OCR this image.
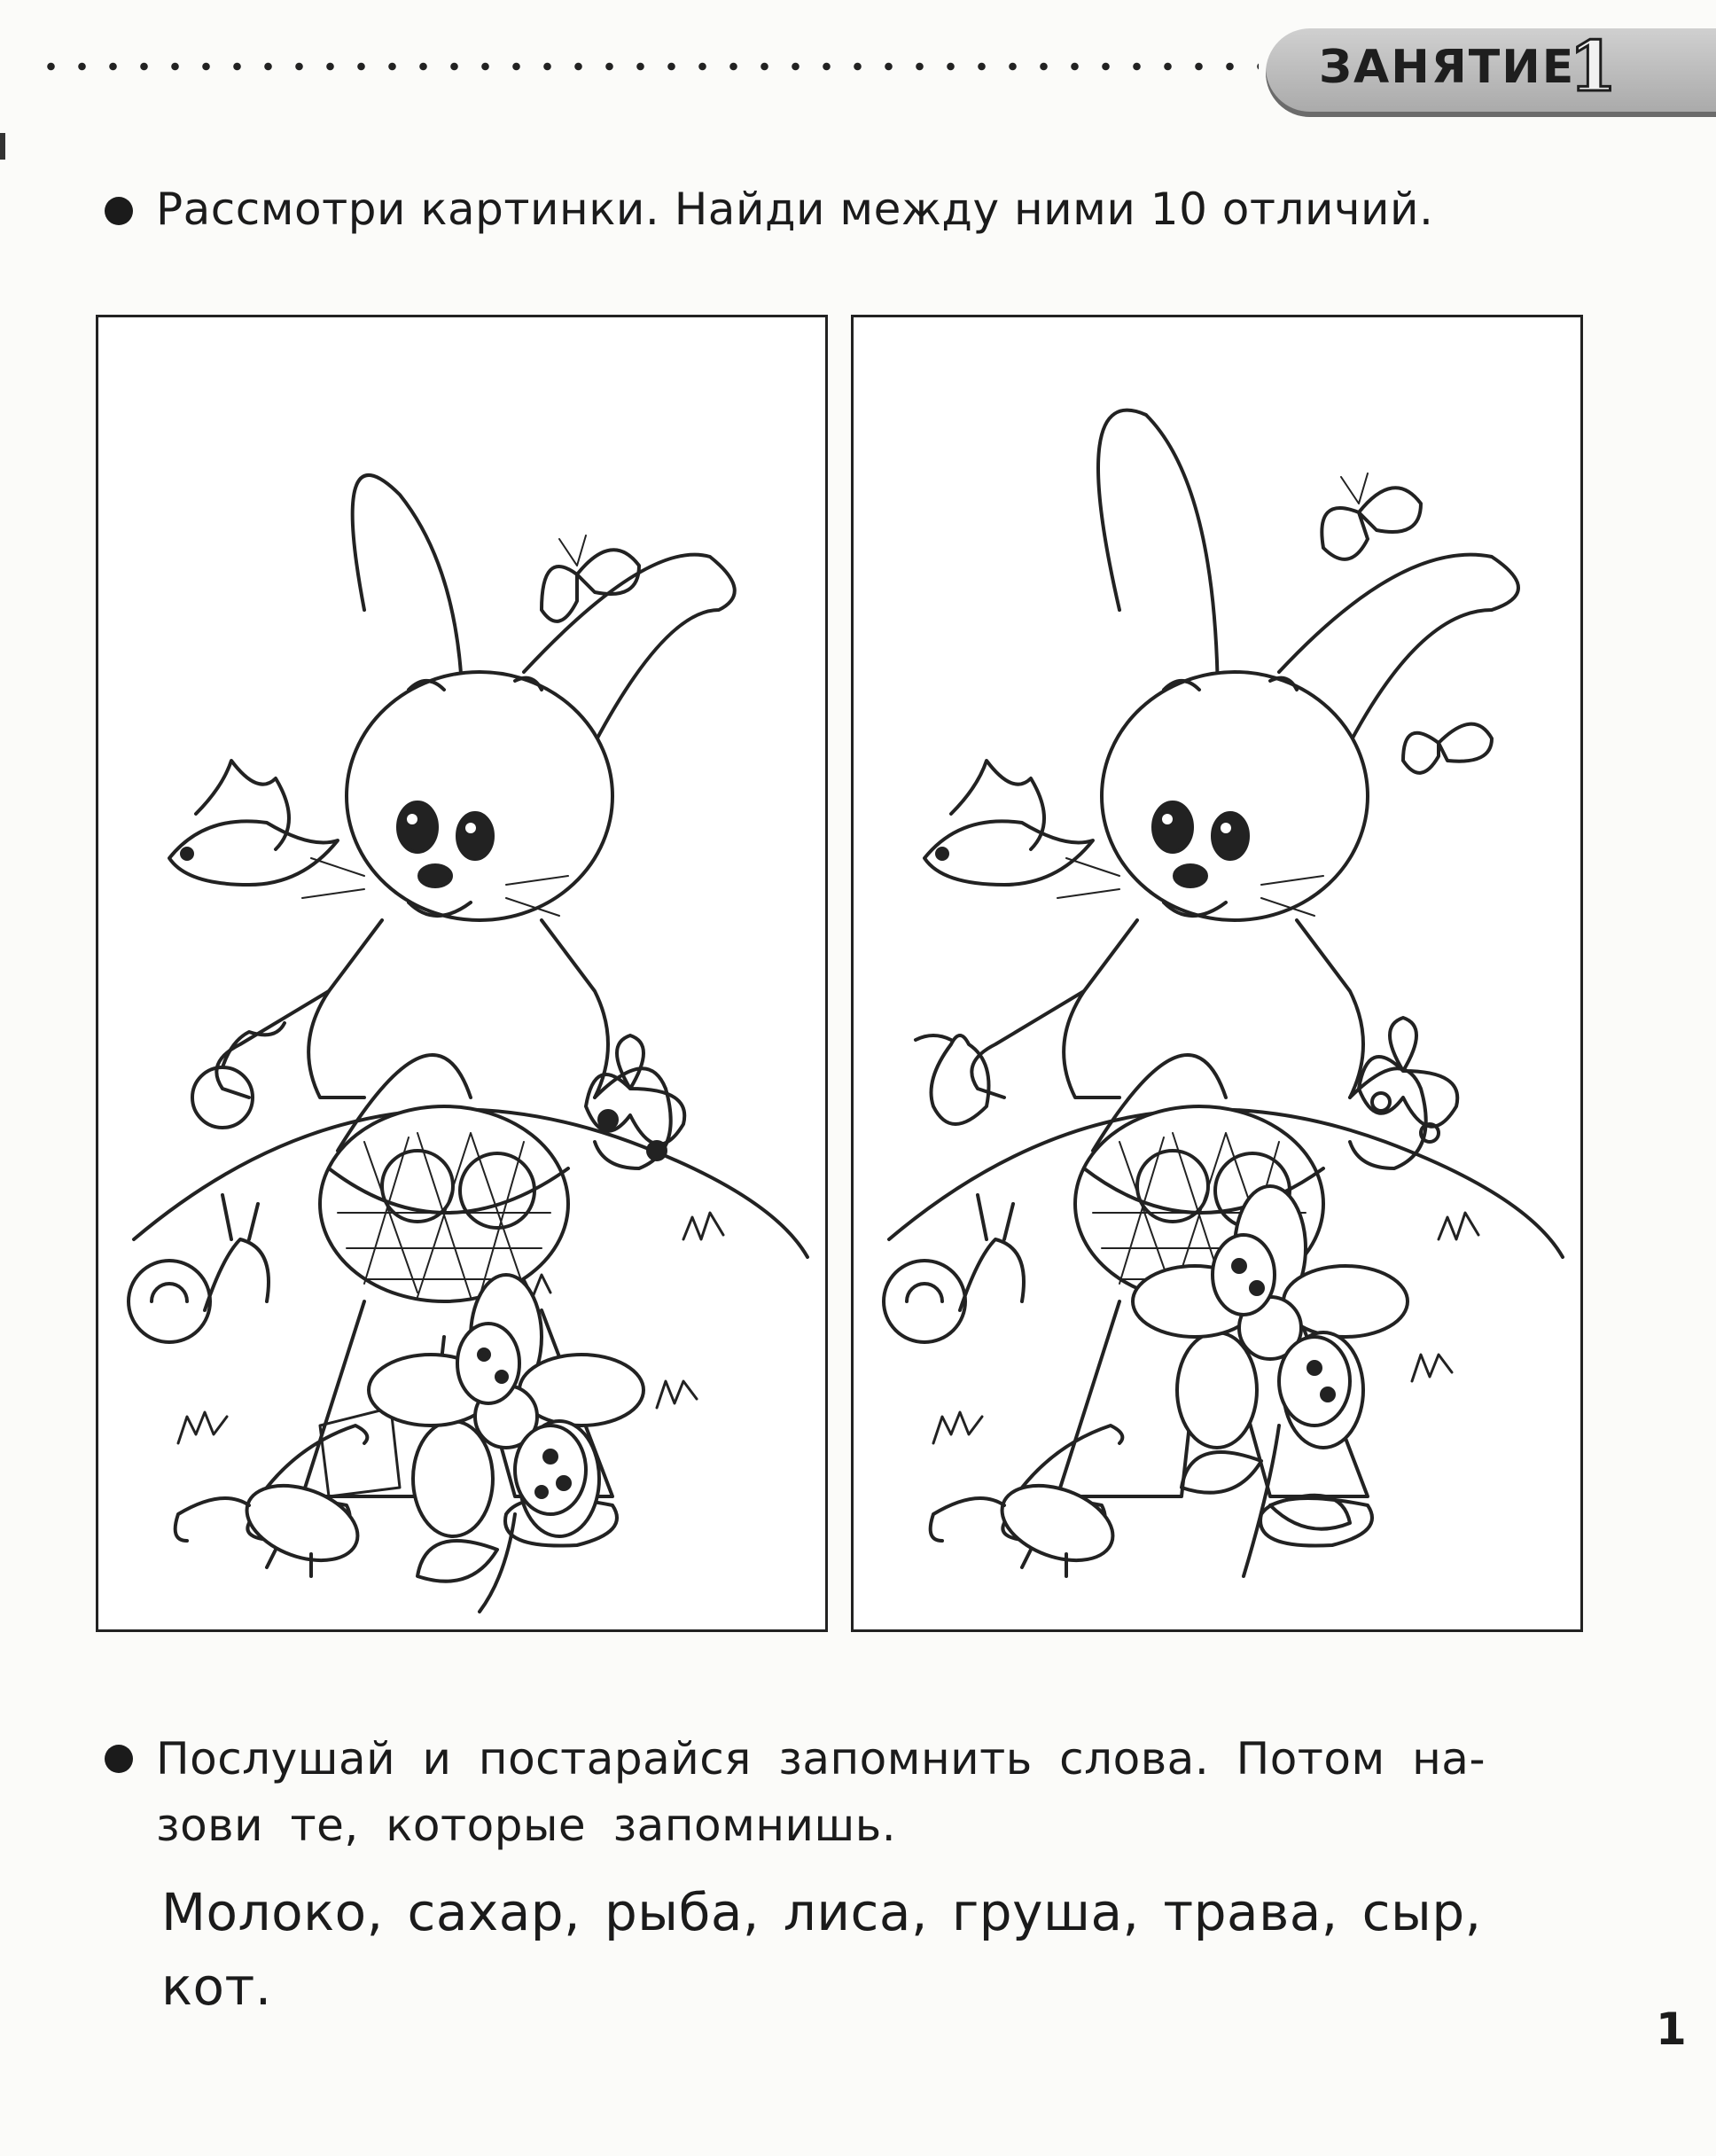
ЗАНЯТИЕ
1
Рассмотри картинки. Найди между ними 10 отличий.
Послушай и постарайся запомнить слова. Потом на-
зови те, которые запомнишь.
Молоко, сахар, рыба, лиса, груша, трава, сыр,
кот.
1
